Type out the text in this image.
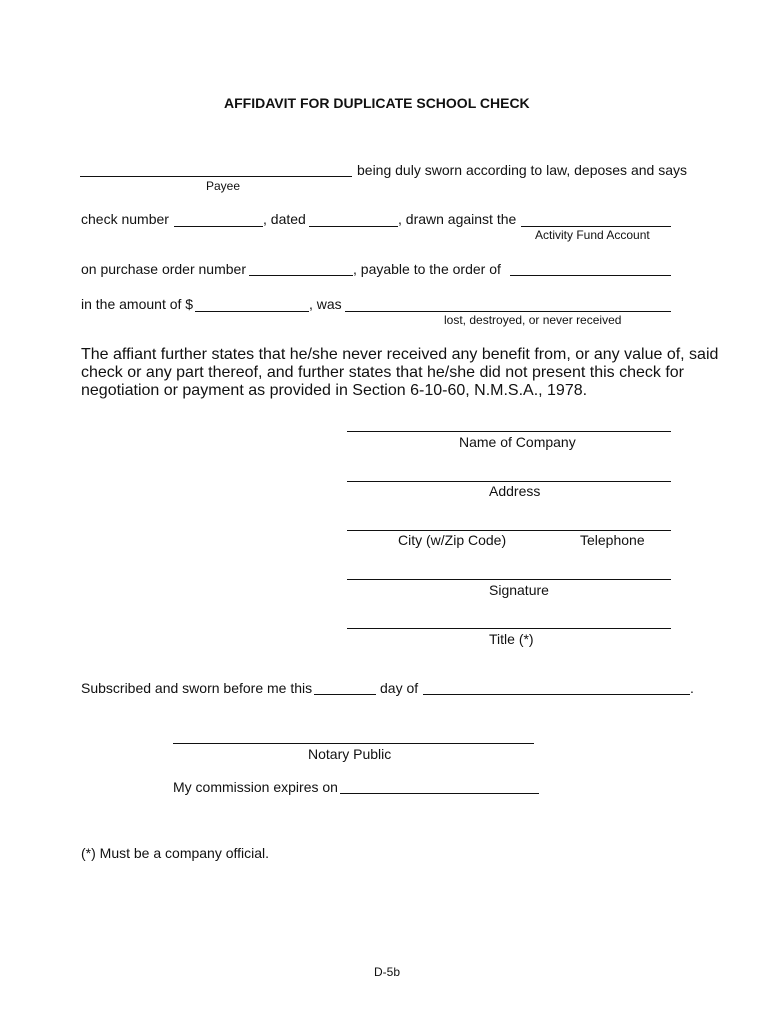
AFFIDAVIT FOR DUPLICATE SCHOOL CHECK
being duly sworn according to law, deposes and says
Payee
check number	, dated	, drawn against the
Activity Fund Account
on purchase order number	, payable to the order of
in the amount of $	, was
lost, destroyed, or never received
The affiant further states that he/she never received any benefit from, or any value of, said
check or any part thereof, and further states that he/she did not present this check for
negotiation or payment as provided in Section 6-10-60, N.M.S.A., 1978.
Name of Company
Address
City (w/Zip Code)	Telephone
Signature
Title (*)
Subscribed and sworn before me this	day of	.
Notary Public
My commission expires on
(*) Must be a company official.
D-5b
